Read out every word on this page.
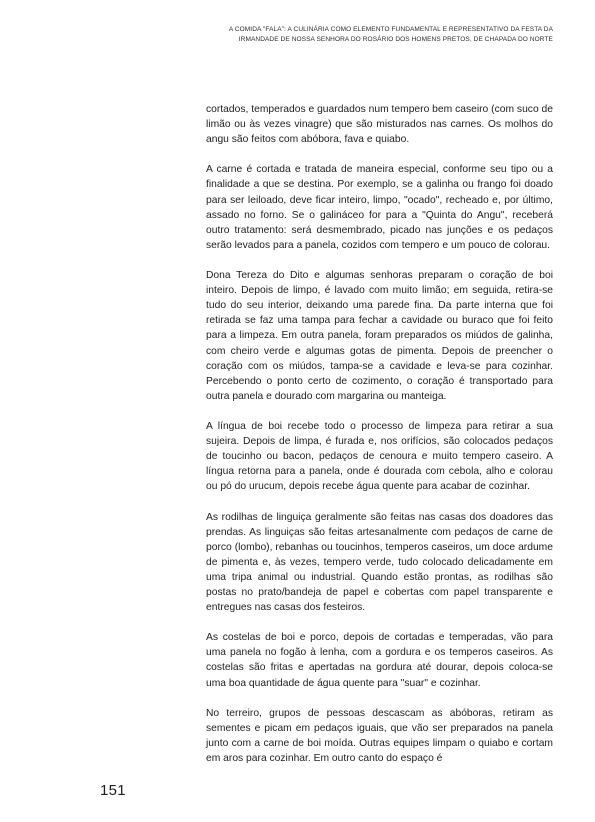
A COMIDA "FALA": A CULINÁRIA COMO ELEMENTO FUNDAMENTAL E REPRESENTATIVO DA FESTA DA
IRMANDADE DE NOSSA SENHORA DO ROSÁRIO DOS HOMENS PRETOS, DE CHAPADA DO NORTE

cortados, temperados e guardados num tempero bem caseiro (com suco de limão ou às vezes vinagre) que são misturados nas carnes. Os molhos do angu são feitos com abóbora, fava e quiabo.

A carne é cortada e tratada de maneira especial, conforme seu tipo ou a finalidade a que se destina. Por exemplo, se a galinha ou frango foi doado para ser leiloado, deve ficar inteiro, limpo, "ocado", recheado e, por último, assado no forno. Se o galináceo for para a "Quinta do Angu", receberá outro tratamento: será desmembrado, picado nas junções e os pedaços serão levados para a panela, cozidos com tempero e um pouco de colorau.

Dona Tereza do Dito e algumas senhoras preparam o coração de boi inteiro. Depois de limpo, é lavado com muito limão; em seguida, retira-se tudo do seu interior, deixando uma parede fina. Da parte interna que foi retirada se faz uma tampa para fechar a cavidade ou buraco que foi feito para a limpeza. Em outra panela, foram preparados os miúdos de galinha, com cheiro verde e algumas gotas de pimenta. Depois de preencher o coração com os miúdos, tampa-se a cavidade e leva-se para cozinhar. Percebendo o ponto certo de cozimento, o coração é transportado para outra panela e dourado com margarina ou manteiga.

A língua de boi recebe todo o processo de limpeza para retirar a sua sujeira. Depois de limpa, é furada e, nos orifícios, são colocados pedaços de toucinho ou bacon, pedaços de cenoura e muito tempero caseiro. A língua retorna para a panela, onde é dourada com cebola, alho e colorau ou pó do urucum, depois recebe água quente para acabar de cozinhar.

As rodilhas de linguiça geralmente são feitas nas casas dos doadores das prendas. As linguiças são feitas artesanalmente com pedaços de carne de porco (lombo), rebanhas ou toucinhos, temperos caseiros, um doce ardume de pimenta e, às vezes, tempero verde, tudo colocado delicadamente em uma tripa animal ou industrial. Quando estão prontas, as rodilhas são postas no prato/bandeja de papel e cobertas com papel transparente e entregues nas casas dos festeiros.

As costelas de boi e porco, depois de cortadas e temperadas, vão para uma panela no fogão à lenha, com a gordura e os temperos caseiros. As costelas são fritas e apertadas na gordura até dourar, depois coloca-se uma boa quantidade de água quente para "suar" e cozinhar.

No terreiro, grupos de pessoas descascam as abóboras, retiram as sementes e picam em pedaços iguais, que vão ser preparados na panela junto com a carne de boi moída. Outras equipes limpam o quiabo e cortam em aros para cozinhar. Em outro canto do espaço é

151
